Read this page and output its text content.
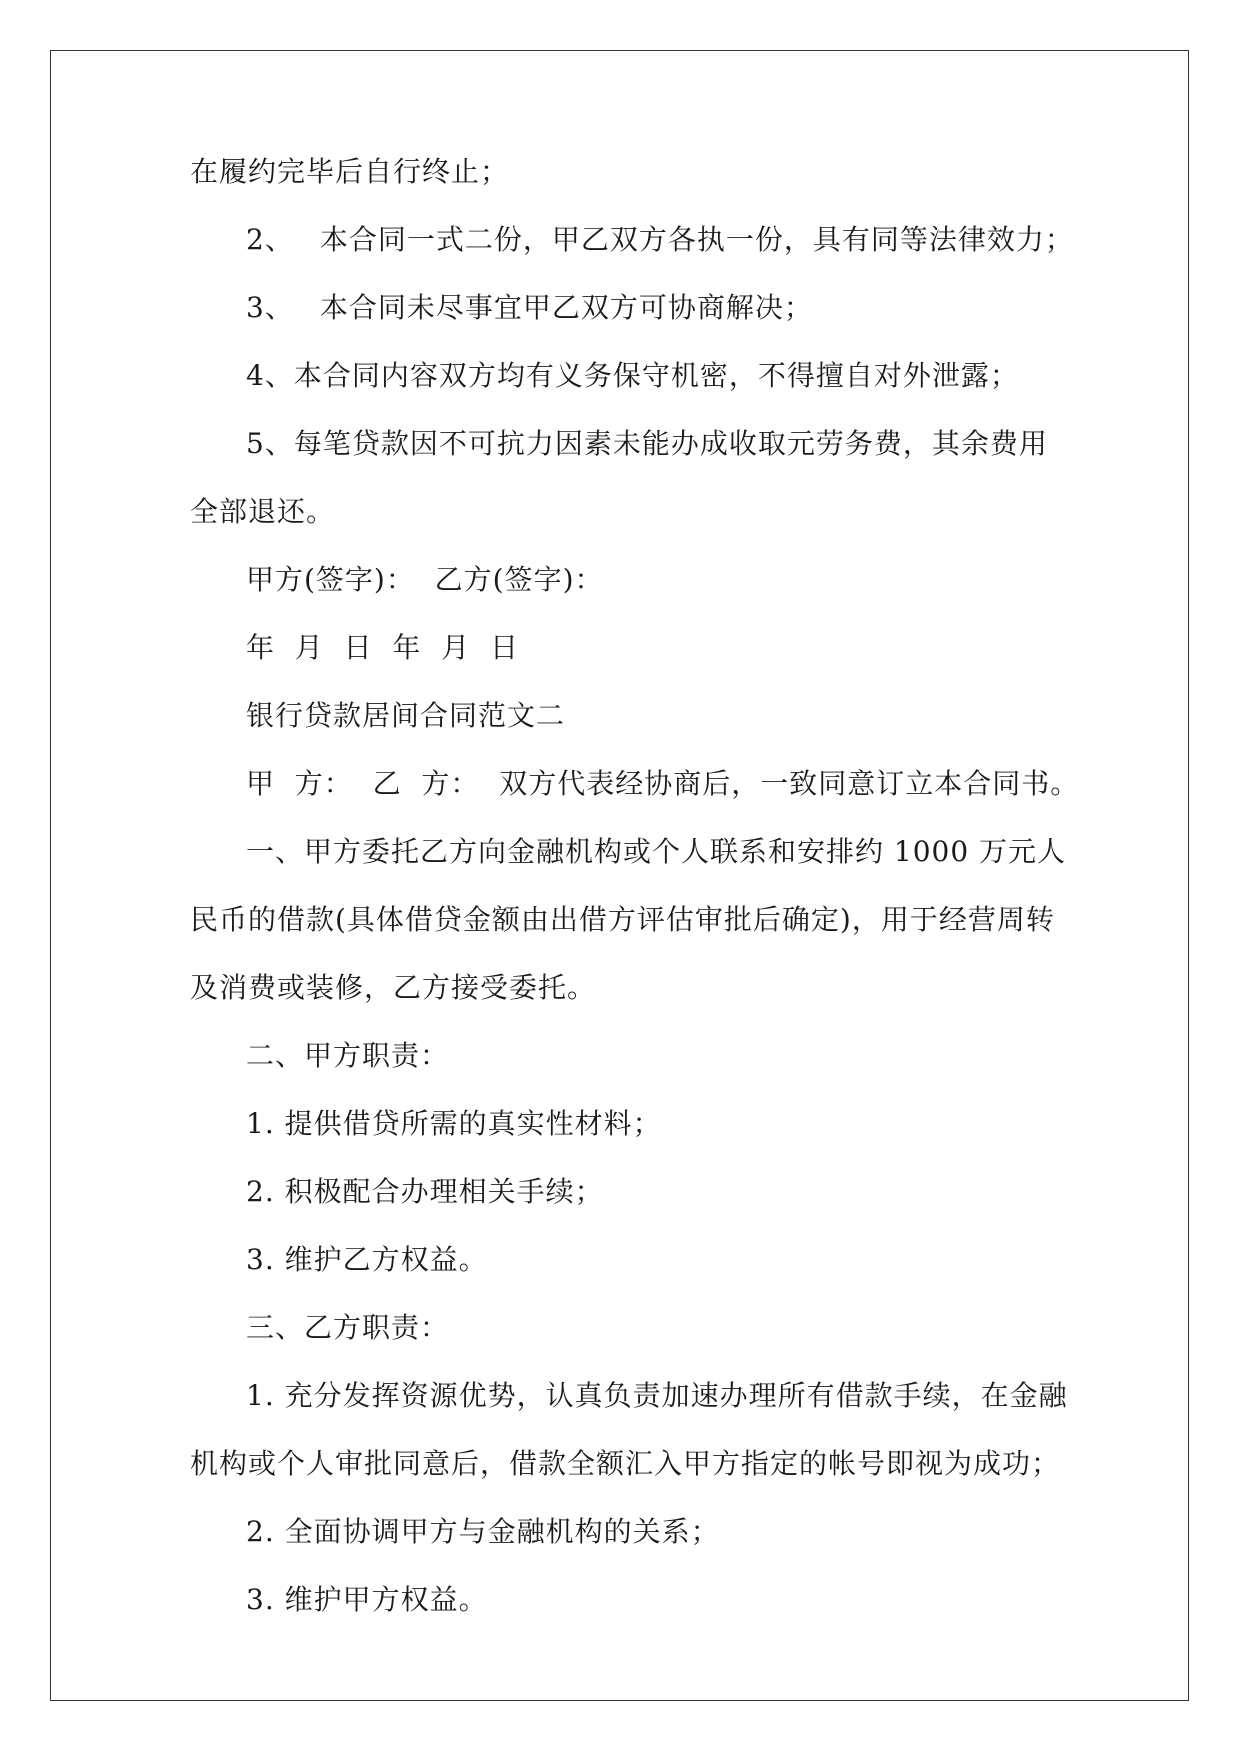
在履约完毕后自行终止；
2、 本合同一式二份，甲乙双方各执一份，具有同等法律效力；
3、 本合同未尽事宜甲乙双方可协商解决；
4、本合同内容双方均有义务保守机密，不得擅自对外泄露；
5、每笔贷款因不可抗力因素未能办成收取元劳务费，其余费用
全部退还。
甲方(签字)：  乙方(签字)：
年  月  日  年  月  日
银行贷款居间合同范文二
甲  方：  乙  方：  双方代表经协商后，一致同意订立本合同书。
一、甲方委托乙方向金融机构或个人联系和安排约 1000 万元人
民币的借款(具体借贷金额由出借方评估审批后确定)，用于经营周转
及消费或装修，乙方接受委托。
二、甲方职责：
1. 提供借贷所需的真实性材料；
2. 积极配合办理相关手续；
3. 维护乙方权益。
三、乙方职责：
1. 充分发挥资源优势，认真负责加速办理所有借款手续，在金融
机构或个人审批同意后，借款全额汇入甲方指定的帐号即视为成功；
2. 全面协调甲方与金融机构的关系；
3. 维护甲方权益。
